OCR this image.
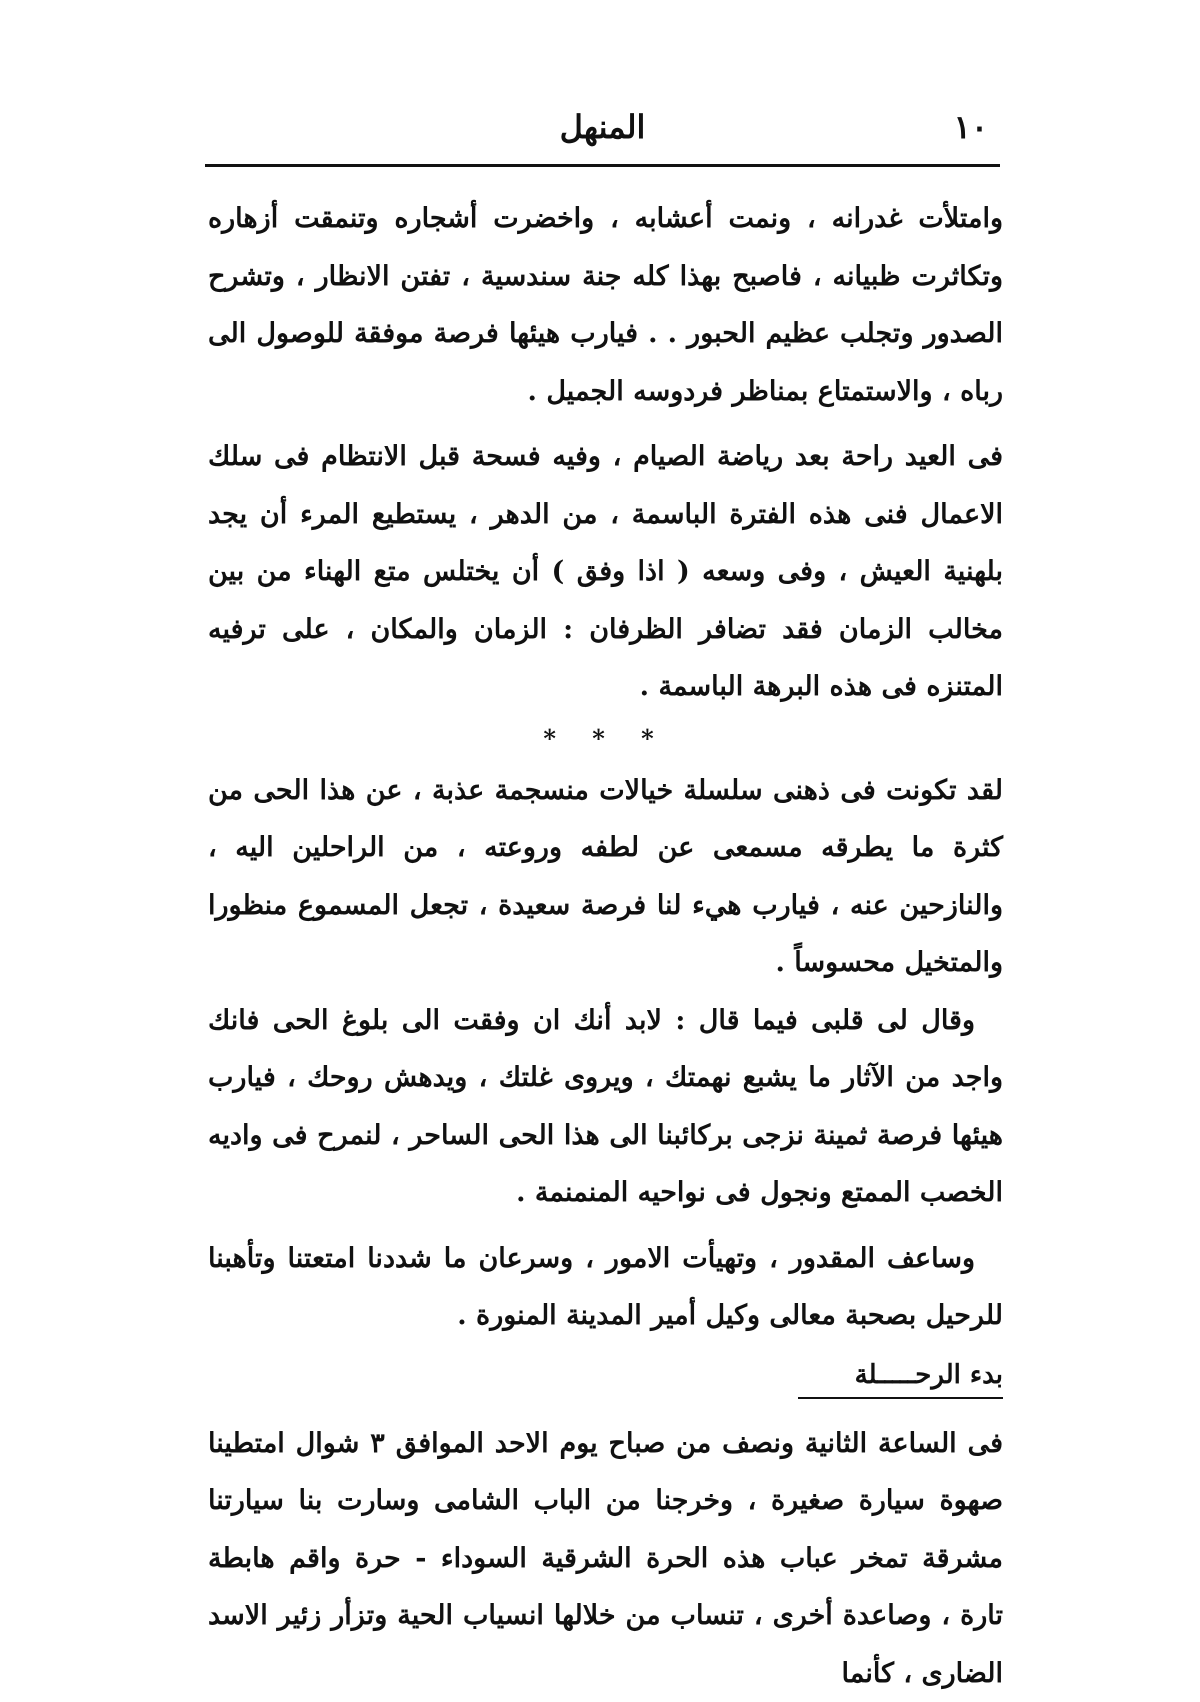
١٠
المنهل

وامتلأت غدرانه ، ونمت أعشابه ، واخضرت أشجاره وتنمقت أزهاره وتكاثرت ظبيانه ، فاصبح بهذا كله جنة سندسية ، تفتن الانظار ، وتشرح الصدور وتجلب عظيم الحبور . . فيارب هيئها فرصة موفقة للوصول الى رباه ، والاستمتاع بمناظر فردوسه الجميل .

فى العيد راحة بعد رياضة الصيام ، وفيه فسحة قبل الانتظام فى سلك الاعمال فنى هذه الفترة الباسمة ، من الدهر ، يستطيع المرء أن يجد بلهنية العيش ، وفى وسعه ( اذا وفق ) أن يختلس متع الهناء من بين مخالب الزمان فقد تضافر الظرفان : الزمان والمكان ، على ترفيه المتنزه فى هذه البرهة الباسمة .

* * *

لقد تكونت فى ذهنى سلسلة خيالات منسجمة عذبة ، عن هذا الحى من كثرة ما يطرقه مسمعى عن لطفه وروعته ، من الراحلين اليه ، والنازحين عنه ، فيارب هيء لنا فرصة سعيدة ، تجعل المسموع منظورا والمتخيل محسوساً .

وقال لى قلبى فيما قال : لابد أنك ان وفقت الى بلوغ الحى فانك واجد من الآثار ما يشبع نهمتك ، ويروى غلتك ، ويدهش روحك ، فيارب هيئها فرصة ثمينة نزجى بركائبنا الى هذا الحى الساحر ، لنمرح فى واديه الخصب الممتع ونجول فى نواحيه المنمنمة .

وساعف المقدور ، وتهيأت الامور ، وسرعان ما شددنا امتعتنا وتأهبنا للرحيل بصحبة معالى وكيل أمير المدينة المنورة .

بدء الرحـــــلة

فى الساعة الثانية ونصف من صباح يوم الاحد الموافق ٣ شوال امتطينا صهوة سيارة صغيرة ، وخرجنا من الباب الشامى وسارت بنا سيارتنا مشرقة تمخر عباب هذه الحرة الشرقية السوداء - حرة واقم هابطة تارة ، وصاعدة أخرى ، تنساب من خلالها انسياب الحية وتزأر زئير الاسد الضارى ، كأنما
